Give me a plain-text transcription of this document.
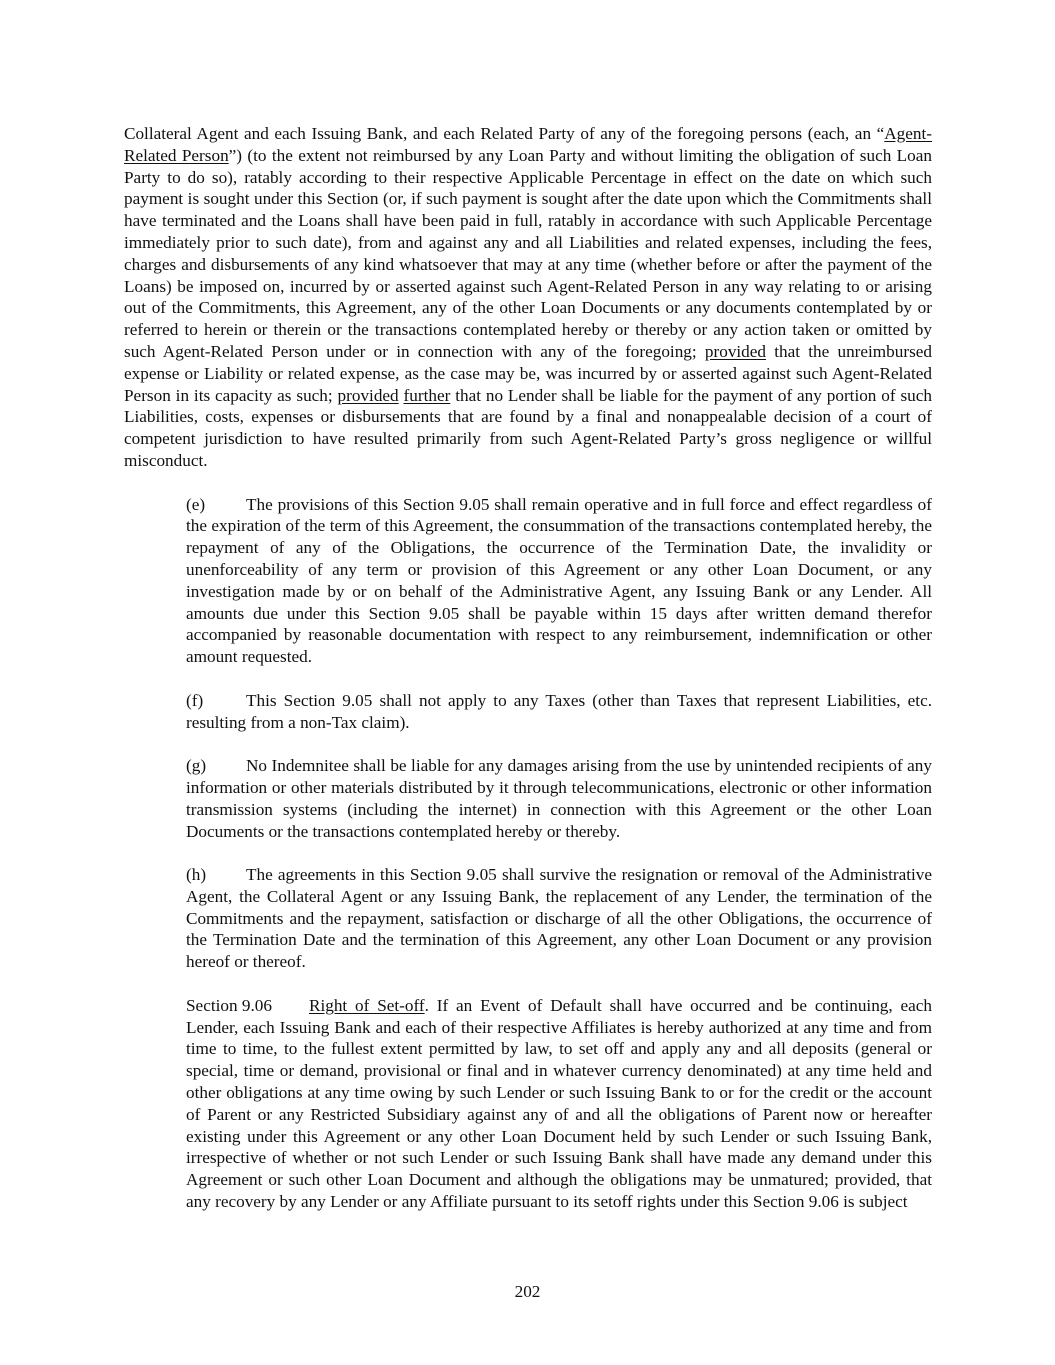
Collateral Agent and each Issuing Bank, and each Related Party of any of the foregoing persons (each, an “Agent-Related Person”) (to the extent not reimbursed by any Loan Party and without limiting the obligation of such Loan Party to do so), ratably according to their respective Applicable Percentage in effect on the date on which such payment is sought under this Section (or, if such payment is sought after the date upon which the Commitments shall have terminated and the Loans shall have been paid in full, ratably in accordance with such Applicable Percentage immediately prior to such date), from and against any and all Liabilities and related expenses, including the fees, charges and disbursements of any kind whatsoever that may at any time (whether before or after the payment of the Loans) be imposed on, incurred by or asserted against such Agent-Related Person in any way relating to or arising out of the Commitments, this Agreement, any of the other Loan Documents or any documents contemplated by or referred to herein or therein or the transactions contemplated hereby or thereby or any action taken or omitted by such Agent-Related Person under or in connection with any of the foregoing; provided that the unreimbursed expense or Liability or related expense, as the case may be, was incurred by or asserted against such Agent-Related Person in its capacity as such; provided further that no Lender shall be liable for the payment of any portion of such Liabilities, costs, expenses or disbursements that are found by a final and nonappealable decision of a court of competent jurisdiction to have resulted primarily from such Agent-Related Party’s gross negligence or willful misconduct.

(e) The provisions of this Section 9.05 shall remain operative and in full force and effect regardless of the expiration of the term of this Agreement, the consummation of the transactions contemplated hereby, the repayment of any of the Obligations, the occurrence of the Termination Date, the invalidity or unenforceability of any term or provision of this Agreement or any other Loan Document, or any investigation made by or on behalf of the Administrative Agent, any Issuing Bank or any Lender. All amounts due under this Section 9.05 shall be payable within 15 days after written demand therefor accompanied by reasonable documentation with respect to any reimbursement, indemnification or other amount requested.

(f) This Section 9.05 shall not apply to any Taxes (other than Taxes that represent Liabilities, etc. resulting from a non-Tax claim).

(g) No Indemnitee shall be liable for any damages arising from the use by unintended recipients of any information or other materials distributed by it through telecommunications, electronic or other information transmission systems (including the internet) in connection with this Agreement or the other Loan Documents or the transactions contemplated hereby or thereby.

(h) The agreements in this Section 9.05 shall survive the resignation or removal of the Administrative Agent, the Collateral Agent or any Issuing Bank, the replacement of any Lender, the termination of the Commitments and the repayment, satisfaction or discharge of all the other Obligations, the occurrence of the Termination Date and the termination of this Agreement, any other Loan Document or any provision hereof or thereof.

Section 9.06 Right of Set-off. If an Event of Default shall have occurred and be continuing, each Lender, each Issuing Bank and each of their respective Affiliates is hereby authorized at any time and from time to time, to the fullest extent permitted by law, to set off and apply any and all deposits (general or special, time or demand, provisional or final and in whatever currency denominated) at any time held and other obligations at any time owing by such Lender or such Issuing Bank to or for the credit or the account of Parent or any Restricted Subsidiary against any of and all the obligations of Parent now or hereafter existing under this Agreement or any other Loan Document held by such Lender or such Issuing Bank, irrespective of whether or not such Lender or such Issuing Bank shall have made any demand under this Agreement or such other Loan Document and although the obligations may be unmatured; provided, that any recovery by any Lender or any Affiliate pursuant to its setoff rights under this Section 9.06 is subject

202
